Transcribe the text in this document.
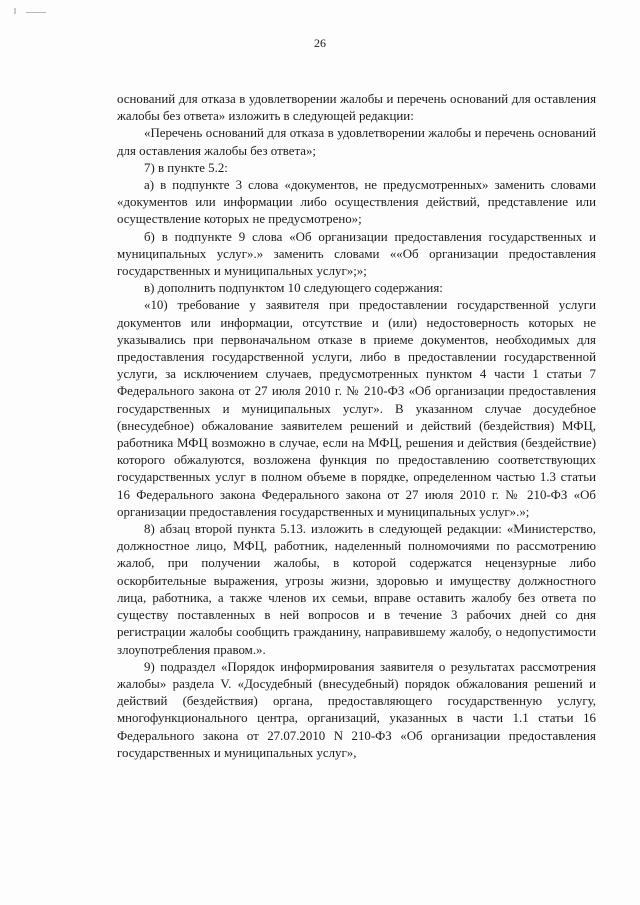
26

оснований для отказа в удовлетворении жалобы и перечень оснований для оставления жалобы без ответа» изложить в следующей редакции:

«Перечень оснований для отказа в удовлетворении жалобы и перечень оснований для оставления жалобы без ответа»;

7) в пункте 5.2:

а) в подпункте 3 слова «документов, не предусмотренных» заменить словами «документов или информации либо осуществления действий, представление или осуществление которых не предусмотрено»;

б) в подпункте 9 слова «Об организации предоставления государственных и муниципальных услуг».» заменить словами ««Об организации предоставления государственных и муниципальных услуг»;»;

в) дополнить подпунктом 10 следующего содержания:

«10) требование у заявителя при предоставлении государственной услуги документов или информации, отсутствие и (или) недостоверность которых не указывались при первоначальном отказе в приеме документов, необходимых для предоставления государственной услуги, либо в предоставлении государственной услуги, за исключением случаев, предусмотренных пунктом 4 части 1 статьи 7 Федерального закона от 27 июля 2010 г. № 210-ФЗ «Об организации предоставления государственных и муниципальных услуг». В указанном случае досудебное (внесудебное) обжалование заявителем решений и действий (бездействия) МФЦ, работника МФЦ возможно в случае, если на МФЦ, решения и действия (бездействие) которого обжалуются, возложена функция по предоставлению соответствующих государственных услуг в полном объеме в порядке, определенном частью 1.3 статьи 16 Федерального закона Федерального закона от 27 июля 2010 г. № 210-ФЗ «Об организации предоставления государственных и муниципальных услуг».»;

8) абзац второй пункта 5.13. изложить в следующей редакции: «Министерство, должностное лицо, МФЦ, работник, наделенный полномочиями по рассмотрению жалоб, при получении жалобы, в которой содержатся нецензурные либо оскорбительные выражения, угрозы жизни, здоровью и имуществу должностного лица, работника, а также членов их семьи, вправе оставить жалобу без ответа по существу поставленных в ней вопросов и в течение 3 рабочих дней со дня регистрации жалобы сообщить гражданину, направившему жалобу, о недопустимости злоупотребления правом.».

9) подраздел «Порядок информирования заявителя о результатах рассмотрения жалобы» раздела V. «Досудебный (внесудебный) порядок обжалования решений и действий (бездействия) органа, предоставляющего государственную услугу, многофункционального центра, организаций, указанных в части 1.1 статьи 16 Федерального закона от 27.07.2010 N 210-ФЗ «Об организации предоставления государственных и муниципальных услуг»,
